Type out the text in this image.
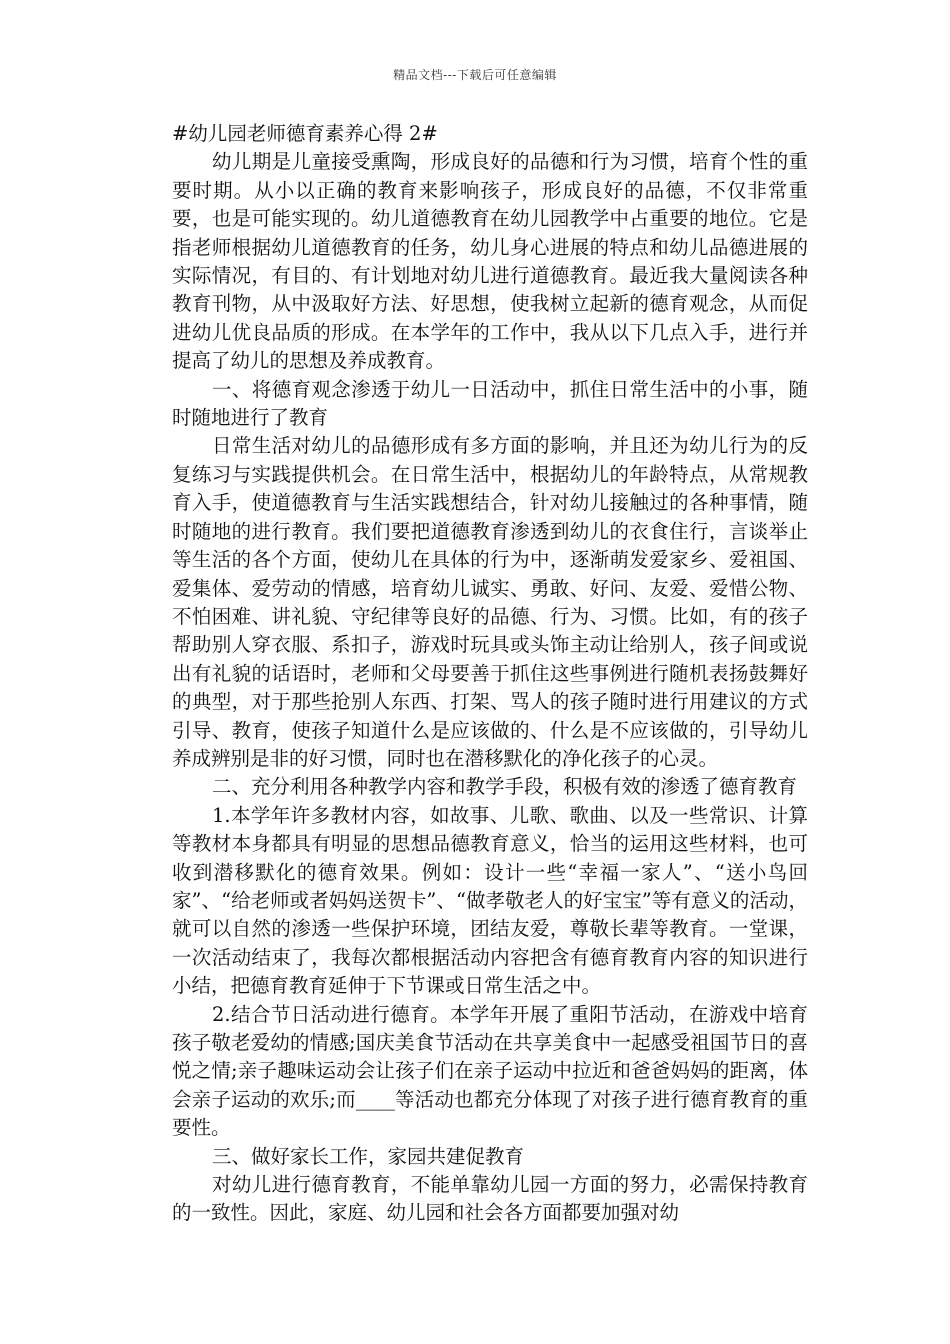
精品文档---下载后可任意编辑

#幼儿园老师德育素养心得 2#

幼儿期是儿童接受熏陶，形成良好的品德和行为习惯，培育个性的重要时期。从小以正确的教育来影响孩子，形成良好的品德，不仅非常重要，也是可能实现的。幼儿道德教育在幼儿园教学中占重要的地位。它是指老师根据幼儿道德教育的任务，幼儿身心进展的特点和幼儿品德进展的实际情况，有目的、有计划地对幼儿进行道德教育。最近我大量阅读各种教育刊物，从中汲取好方法、好思想，使我树立起新的德育观念，从而促进幼儿优良品质的形成。在本学年的工作中，我从以下几点入手，进行并提高了幼儿的思想及养成教育。

一、将德育观念渗透于幼儿一日活动中，抓住日常生活中的小事，随时随地进行了教育

日常生活对幼儿的品德形成有多方面的影响，并且还为幼儿行为的反复练习与实践提供机会。在日常生活中，根据幼儿的年龄特点，从常规教育入手，使道德教育与生活实践想结合，针对幼儿接触过的各种事情，随时随地的进行教育。我们要把道德教育渗透到幼儿的衣食住行，言谈举止等生活的各个方面，使幼儿在具体的行为中，逐渐萌发爱家乡、爱祖国、爱集体、爱劳动的情感，培育幼儿诚实、勇敢、好问、友爱、爱惜公物、不怕困难、讲礼貌、守纪律等良好的品德、行为、习惯。比如，有的孩子帮助别人穿衣服、系扣子，游戏时玩具或头饰主动让给别人，孩子间或说出有礼貌的话语时，老师和父母要善于抓住这些事例进行随机表扬鼓舞好的典型，对于那些抢别人东西、打架、骂人的孩子随时进行用建议的方式引导、教育，使孩子知道什么是应该做的、什么是不应该做的，引导幼儿养成辨别是非的好习惯，同时也在潜移默化的净化孩子的心灵。

二、充分利用各种教学内容和教学手段，积极有效的渗透了德育教育

1.本学年许多教材内容，如故事、儿歌、歌曲、以及一些常识、计算等教材本身都具有明显的思想品德教育意义，恰当的运用这些材料，也可收到潜移默化的德育效果。例如：设计一些“幸福一家人”、“送小鸟回家”、“给老师或者妈妈送贺卡”、“做孝敬老人的好宝宝”等有意义的活动，就可以自然的渗透一些保护环境，团结友爱，尊敬长辈等教育。一堂课，一次活动结束了，我每次都根据活动内容把含有德育教育内容的知识进行小结，把德育教育延伸于下节课或日常生活之中。

2.结合节日活动进行德育。本学年开展了重阳节活动，在游戏中培育孩子敬老爱幼的情感;国庆美食节活动在共享美食中一起感受祖国节日的喜悦之情;亲子趣味运动会让孩子们在亲子运动中拉近和爸爸妈妈的距离，体会亲子运动的欢乐;而____等活动也都充分体现了对孩子进行德育教育的重要性。

三、做好家长工作，家园共建促教育

对幼儿进行德育教育，不能单靠幼儿园一方面的努力，必需保持教育的一致性。因此，家庭、幼儿园和社会各方面都要加强对幼
